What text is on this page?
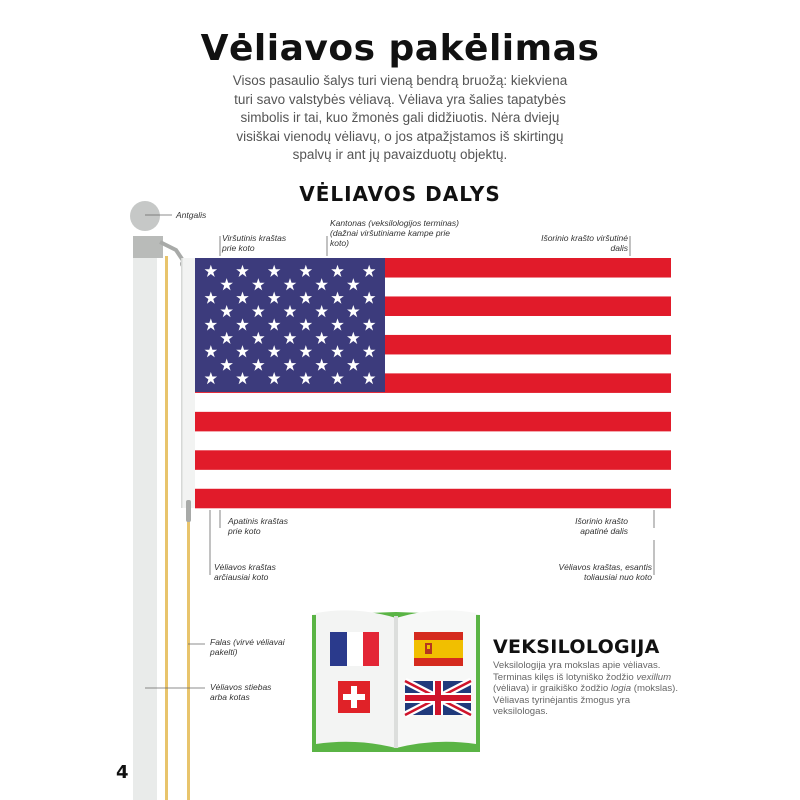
Vėliavos pakėlimas
Visos pasaulio šalys turi vieną bendrą bruožą: kiekviena turi savo valstybės vėliavą. Vėliava yra šalies tapatybės simbolis ir tai, kuo žmonės gali didžiuotis. Nėra dviejų visiškai vienodų vėliavų, o jos atpažįstamos iš skirtingų spalvų ir ant jų pavaizduotų objektų.
VĖLIAVOS DALYS
Antgalis
Viršutinis kraštas
prie koto
Kantonas (veksilologijos terminas)
(dažnai viršutiniame kampe prie
koto)	Išorinio krašto viršutinė
dalis
Apatinis kraštas
prie koto
Išorinio krašto
apatinė dalis
Vėliavos kraštas
arčiausiai koto
Vėliavos kraštas, esantis
toliausiai nuo koto
Falas (virvė vėliavai
pakelti)
Vėliavos stiebas
arba kotas
VEKSILOLOGIJA
Veksilologija yra mokslas apie vėliavas. Terminas kilęs iš lotyniško žodžio vexillum (vėliava) ir graikiško žodžio logia (mokslas). Vėliavas tyrinėjantis žmogus yra veksilologas.
4
